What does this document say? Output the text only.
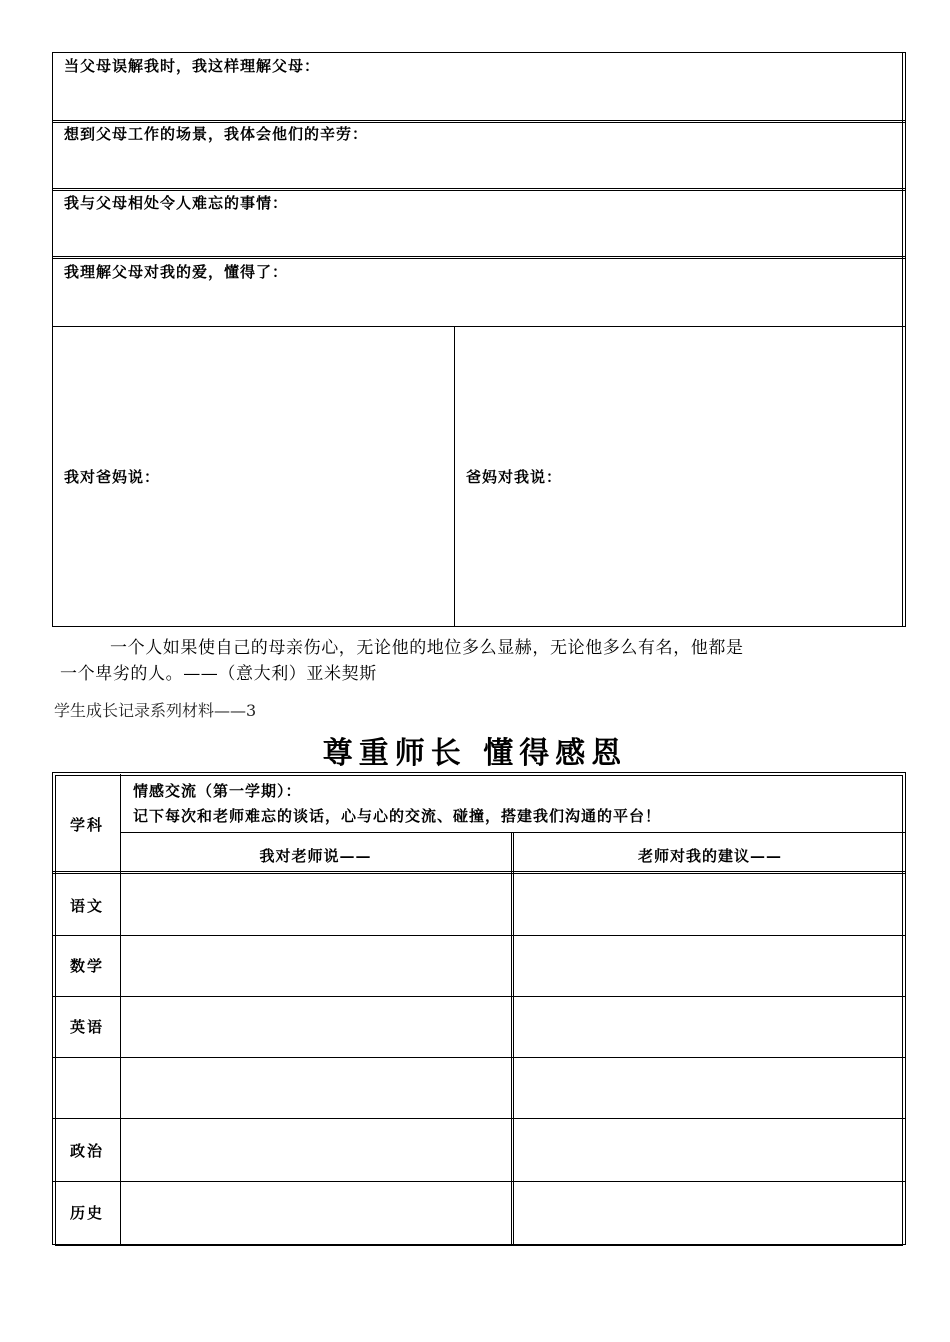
当父母误解我时，我这样理解父母：
想到父母工作的场景，我体会他们的辛劳：
我与父母相处令人难忘的事情：
我理解父母对我的爱，懂得了：
我对爸妈说：	爸妈对我说：
一个人如果使自己的母亲伤心，无论他的地位多么显赫，无论他多么有名，他都是
一个卑劣的人。——（意大利）亚米契斯
学生成长记录系列材料——3
尊重师长 懂得感恩
学科
情感交流（第一学期）：
记下每次和老师难忘的谈话，心与心的交流、碰撞，搭建我们沟通的平台！
我对老师说——	老师对我的建议——
语文
数学
英语
政治
历史
